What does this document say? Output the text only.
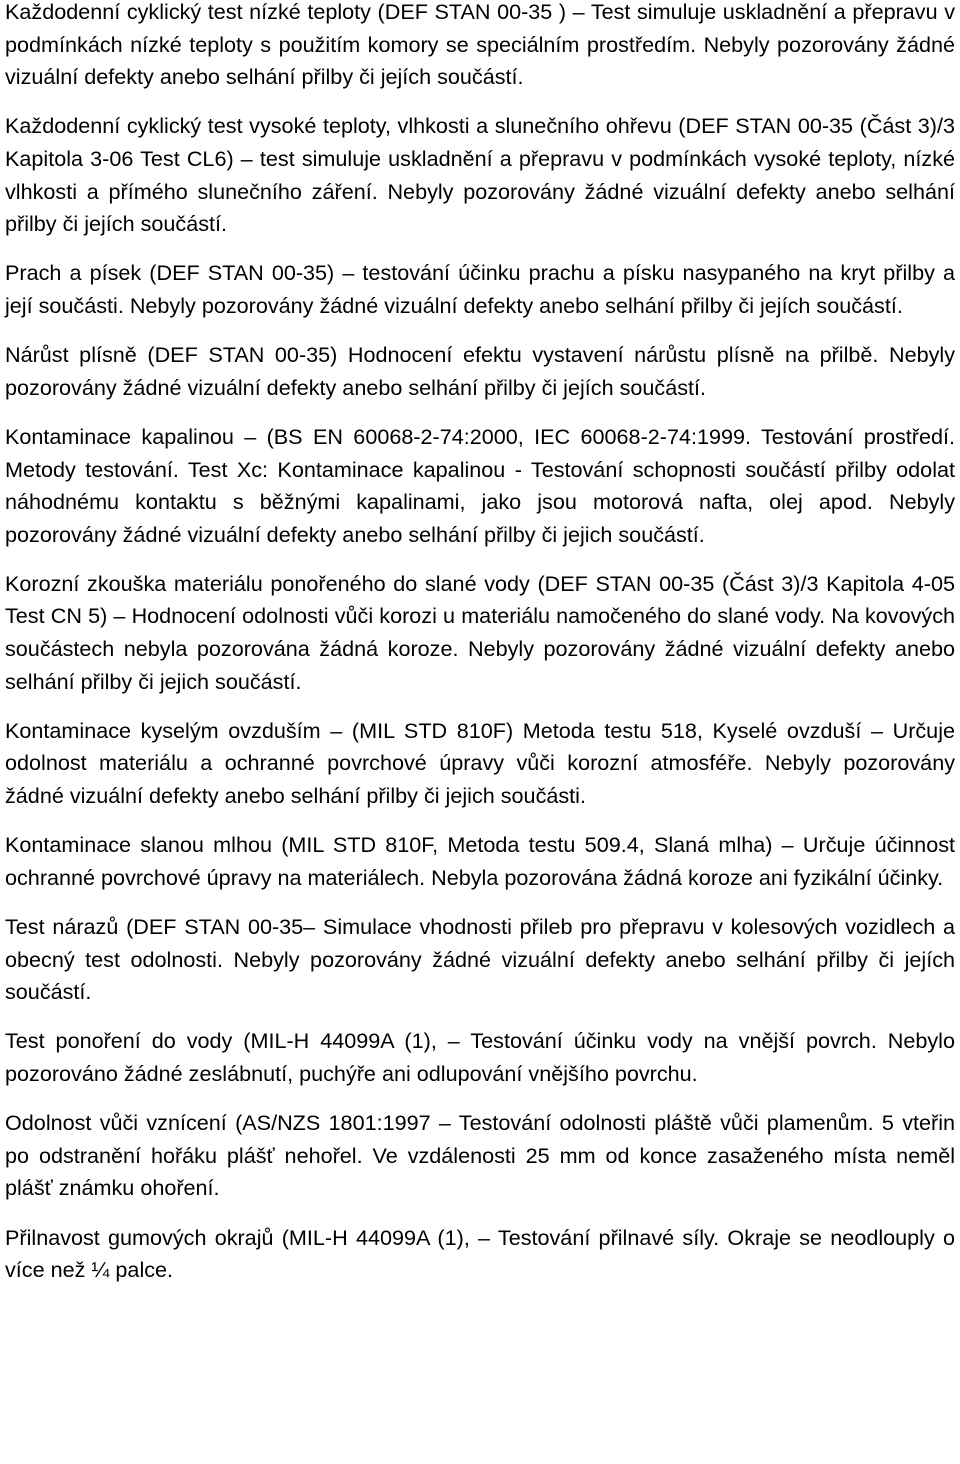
Každodenní cyklický test nízké teploty (DEF STAN 00-35 ) – Test simuluje uskladnění a přepravu v podmínkách nízké teploty s použitím komory se speciálním prostředím. Nebyly pozorovány žádné vizuální defekty anebo selhání přilby či jejích součástí.

Každodenní cyklický test vysoké teploty, vlhkosti a slunečního ohřevu (DEF STAN 00-35 (Část 3)/3 Kapitola 3-06 Test CL6) – test simuluje uskladnění a přepravu v podmínkách vysoké teploty, nízké vlhkosti a přímého slunečního záření. Nebyly pozorovány žádné vizuální defekty anebo selhání přilby či jejích součástí.

Prach a písek (DEF STAN 00-35) – testování účinku prachu a písku nasypaného na kryt přilby a její součásti. Nebyly pozorovány žádné vizuální defekty anebo selhání přilby či jejích součástí.

Nárůst plísně (DEF STAN 00-35) Hodnocení efektu vystavení nárůstu plísně na přilbě. Nebyly pozorovány žádné vizuální defekty anebo selhání přilby či jejích součástí.

Kontaminace kapalinou – (BS EN 60068-2-74:2000, IEC 60068-2-74:1999. Testování prostředí. Metody testování. Test Xc: Kontaminace kapalinou - Testování schopnosti součástí přilby odolat náhodnému kontaktu s běžnými kapalinami, jako jsou motorová nafta, olej apod. Nebyly pozorovány žádné vizuální defekty anebo selhání přilby či jejich součástí.

Korozní zkouška materiálu ponořeného do slané vody (DEF STAN 00-35 (Část 3)/3 Kapitola 4-05 Test CN 5) – Hodnocení odolnosti vůči korozi u materiálu namočeného do slané vody. Na kovových součástech nebyla pozorována žádná koroze. Nebyly pozorovány žádné vizuální defekty anebo selhání přilby či jejich součástí.

Kontaminace kyselým ovzduším – (MIL STD 810F) Metoda testu 518, Kyselé ovzduší – Určuje odolnost materiálu a ochranné povrchové úpravy vůči korozní atmosféře. Nebyly pozorovány žádné vizuální defekty anebo selhání přilby či jejich součásti.

Kontaminace slanou mlhou (MIL STD 810F, Metoda testu 509.4, Slaná mlha) – Určuje účinnost ochranné povrchové úpravy na materiálech. Nebyla pozorována žádná koroze ani fyzikální účinky.

Test nárazů (DEF STAN 00-35– Simulace vhodnosti přileb pro přepravu v kolesových vozidlech a obecný test odolnosti. Nebyly pozorovány žádné vizuální defekty anebo selhání přilby či jejích součástí.

Test ponoření do vody (MIL-H 44099A (1), – Testování účinku vody na vnější povrch. Nebylo pozorováno žádné zeslábnutí, puchýře ani odlupování vnějšího povrchu.

Odolnost vůči vznícení (AS/NZS 1801:1997 – Testování odolnosti pláště vůči plamenům. 5 vteřin po odstranění hořáku plášť nehořel. Ve vzdálenosti 25 mm od konce zasaženého místa neměl plášť známku ohoření.

Přilnavost gumových okrajů (MIL-H 44099A (1), – Testování přilnavé síly. Okraje se neodlouply o více než ¼ palce.
